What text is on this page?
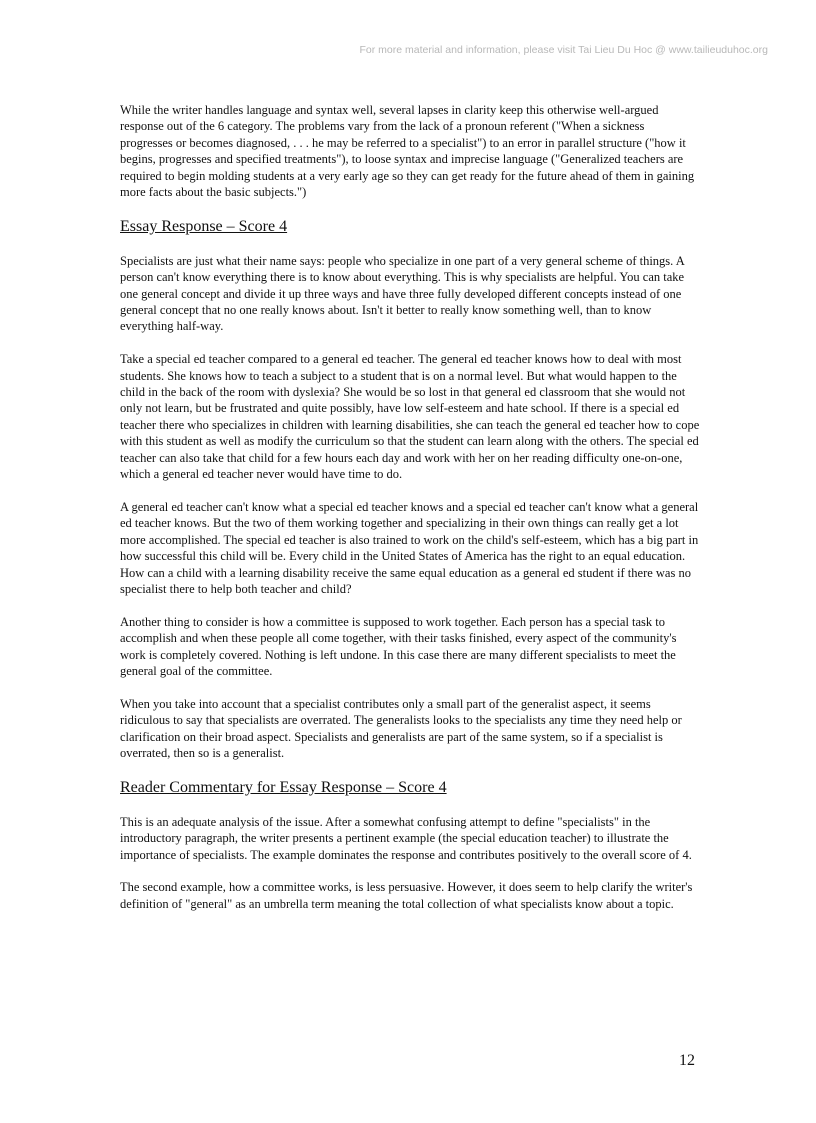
For more material and information, please visit Tai Lieu Du Hoc @ www.tailieuduhoc.org

While the writer handles language and syntax well, several lapses in clarity keep this otherwise well-argued response out of the 6 category. The problems vary from the lack of a pronoun referent ("When a sickness progresses or becomes diagnosed, . . . he may be referred to a specialist") to an error in parallel structure ("how it begins, progresses and specified treatments"), to loose syntax and imprecise language ("Generalized teachers are required to begin molding students at a very early age so they can get ready for the future ahead of them in gaining more facts about the basic subjects.")

Essay Response – Score 4

Specialists are just what their name says: people who specialize in one part of a very general scheme of things. A person can't know everything there is to know about everything. This is why specialists are helpful. You can take one general concept and divide it up three ways and have three fully developed different concepts instead of one general concept that no one really knows about. Isn't it better to really know something well, than to know everything half-way.

Take a special ed teacher compared to a general ed teacher. The general ed teacher knows how to deal with most students. She knows how to teach a subject to a student that is on a normal level. But what would happen to the child in the back of the room with dyslexia? She would be so lost in that general ed classroom that she would not only not learn, but be frustrated and quite possibly, have low self-esteem and hate school. If there is a special ed teacher there who specializes in children with learning disabilities, she can teach the general ed teacher how to cope with this student as well as modify the curriculum so that the student can learn along with the others. The special ed teacher can also take that child for a few hours each day and work with her on her reading difficulty one-on-one, which a general ed teacher never would have time to do.

A general ed teacher can't know what a special ed teacher knows and a special ed teacher can't know what a general ed teacher knows. But the two of them working together and specializing in their own things can really get a lot more accomplished. The special ed teacher is also trained to work on the child's self-esteem, which has a big part in how successful this child will be. Every child in the United States of America has the right to an equal education. How can a child with a learning disability receive the same equal education as a general ed student if there was no specialist there to help both teacher and child?

Another thing to consider is how a committee is supposed to work together. Each person has a special task to accomplish and when these people all come together, with their tasks finished, every aspect of the community's work is completely covered. Nothing is left undone. In this case there are many different specialists to meet the general goal of the committee.

When you take into account that a specialist contributes only a small part of the generalist aspect, it seems ridiculous to say that specialists are overrated. The generalists looks to the specialists any time they need help or clarification on their broad aspect. Specialists and generalists are part of the same system, so if a specialist is overrated, then so is a generalist.

Reader Commentary for Essay Response – Score 4

This is an adequate analysis of the issue. After a somewhat confusing attempt to define "specialists" in the introductory paragraph, the writer presents a pertinent example (the special education teacher) to illustrate the importance of specialists. The example dominates the response and contributes positively to the overall score of 4.

The second example, how a committee works, is less persuasive. However, it does seem to help clarify the writer's definition of "general" as an umbrella term meaning the total collection of what specialists know about a topic.

12
